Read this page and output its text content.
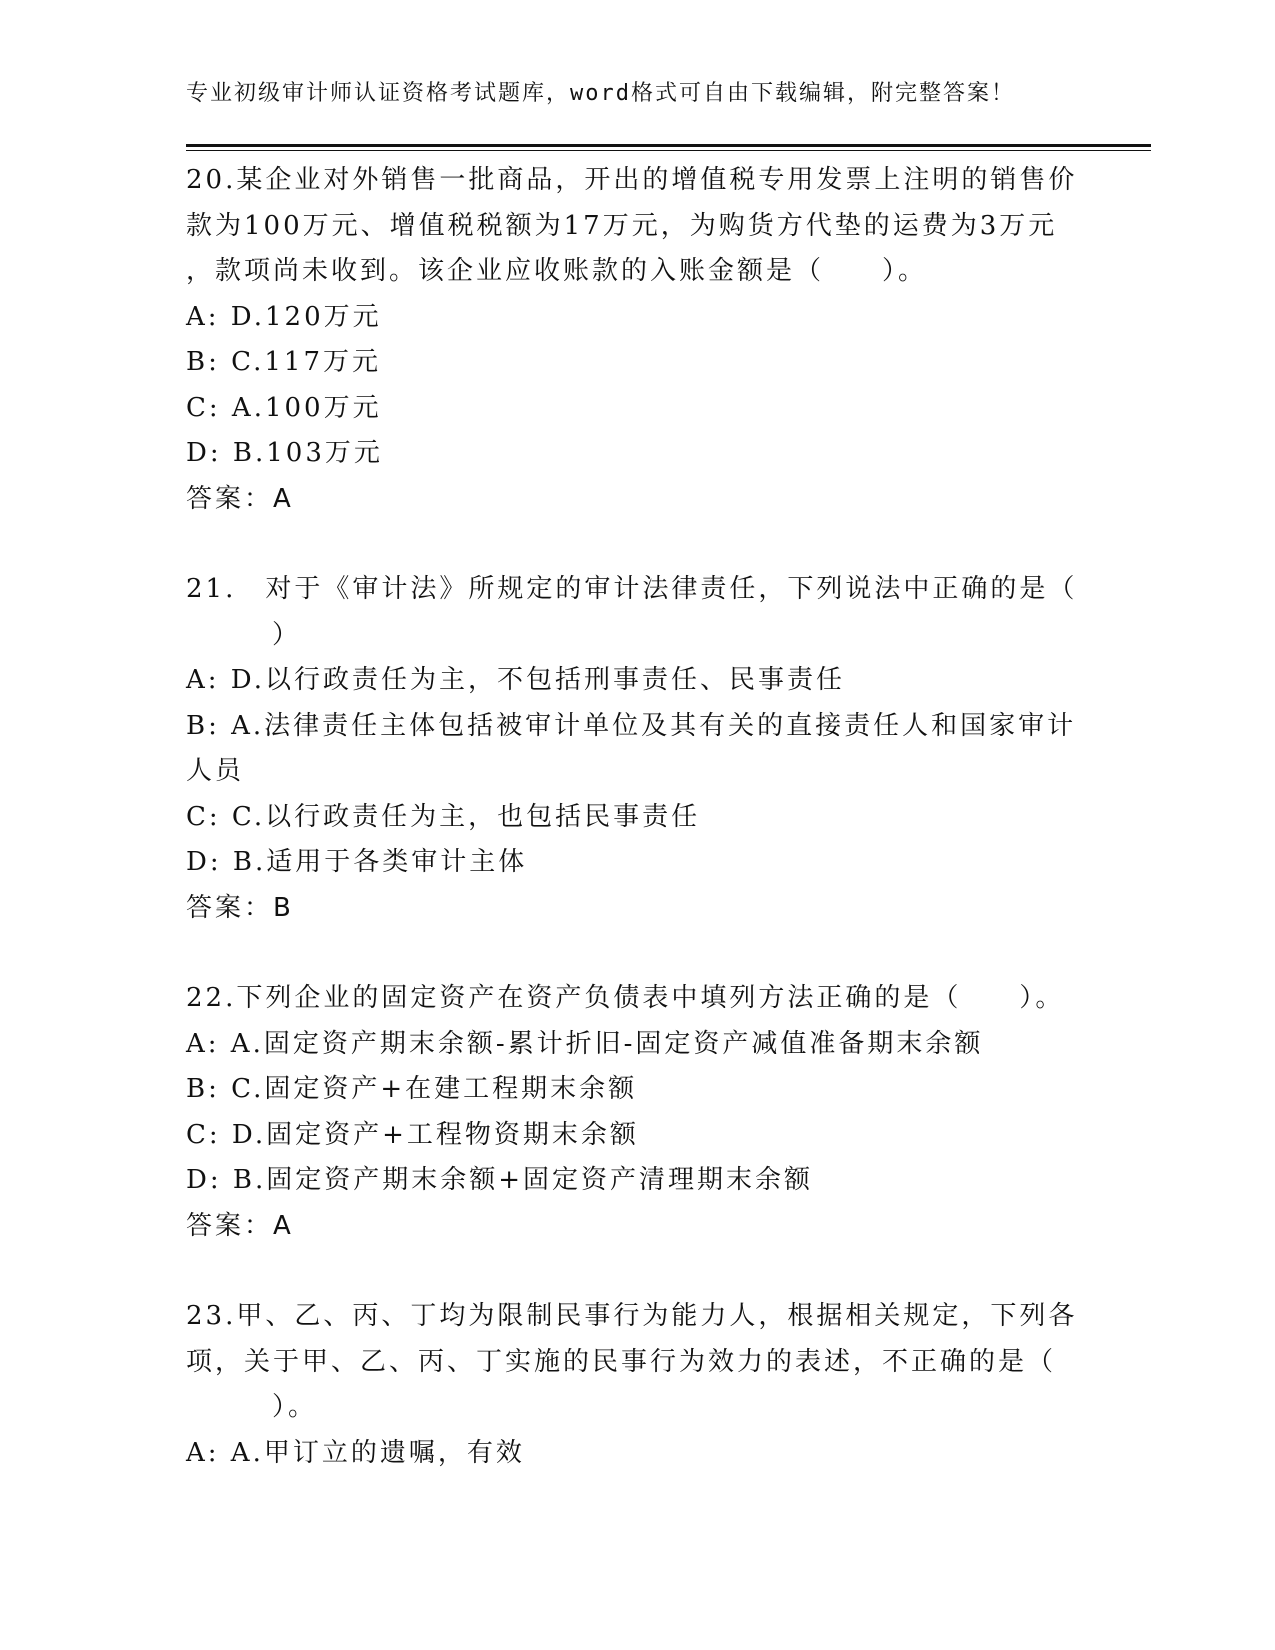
专业初级审计师认证资格考试题库，word格式可自由下载编辑，附完整答案！
20.某企业对外销售一批商品，开出的增值税专用发票上注明的销售价
款为100万元、增值税税额为17万元，为购货方代垫的运费为3万元
，款项尚未收到。该企业应收账款的入账金额是（　　）。
A: D.120万元
B: C.117万元
C: A.100万元
D: B.103万元
答案：A
21.　对于《审计法》所规定的审计法律责任，下列说法中正确的是（
）
A: D.以行政责任为主，不包括刑事责任、民事责任
B: A.法律责任主体包括被审计单位及其有关的直接责任人和国家审计
人员
C: C.以行政责任为主，也包括民事责任
D: B.适用于各类审计主体
答案：B
22.下列企业的固定资产在资产负债表中填列方法正确的是（　　）。
A: A.固定资产期末余额-累计折旧-固定资产减值准备期末余额
B: C.固定资产+在建工程期末余额
C: D.固定资产+工程物资期末余额
D: B.固定资产期末余额+固定资产清理期末余额
答案：A
23.甲、乙、丙、丁均为限制民事行为能力人，根据相关规定，下列各
项，关于甲、乙、丙、丁实施的民事行为效力的表述，不正确的是（
）。
A: A.甲订立的遗嘱，有效
